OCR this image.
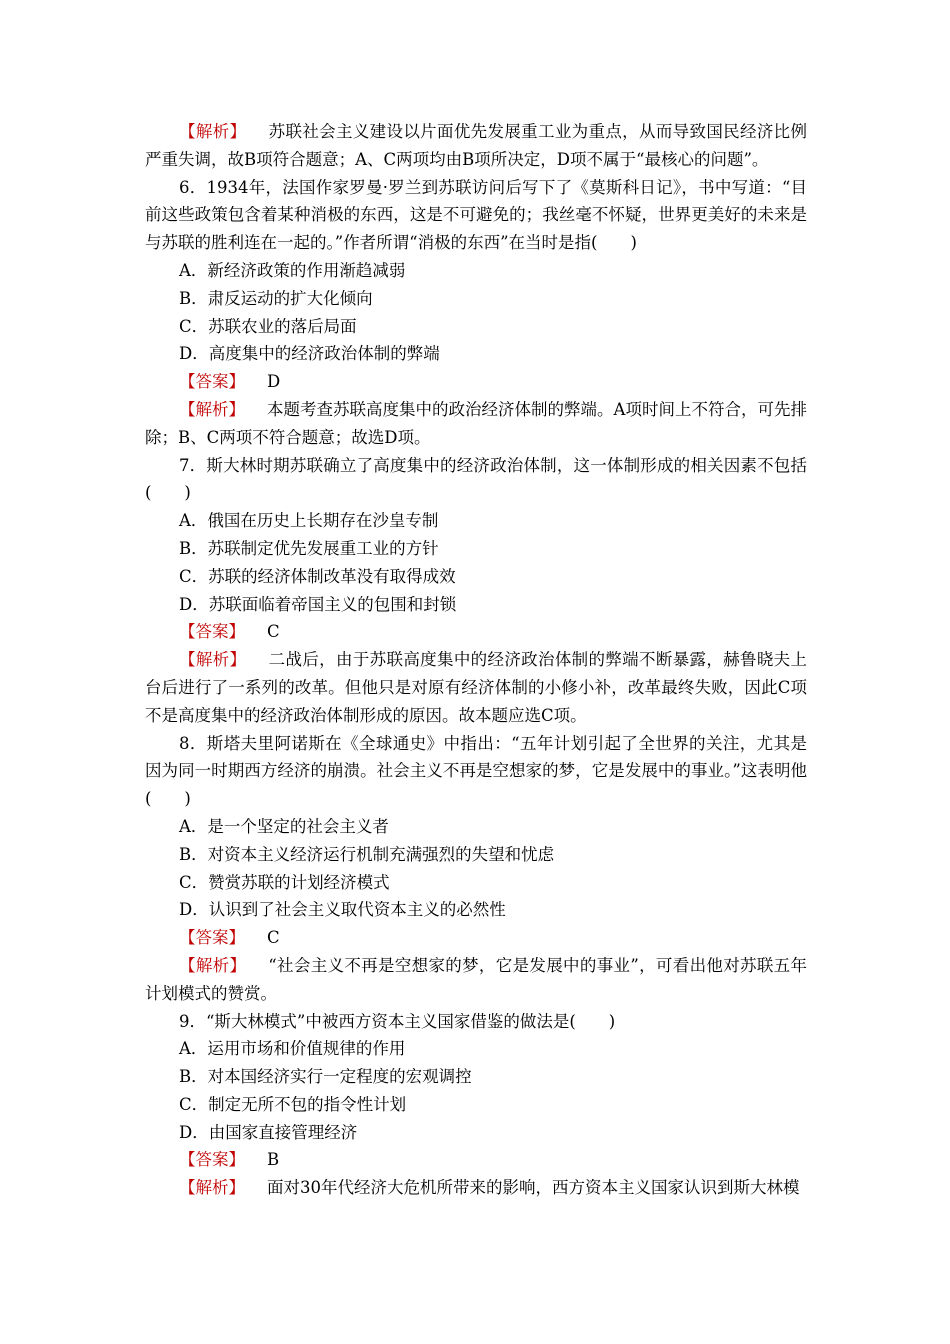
【解析】 苏联社会主义建设以片面优先发展重工业为重点，从而导致国民经济比例严重失调，故B项符合题意；A、C两项均由B项所决定，D项不属于“最核心的问题”。

6．1934年，法国作家罗曼·罗兰到苏联访问后写下了《莫斯科日记》，书中写道：“目前这些政策包含着某种消极的东西，这是不可避免的；我丝毫不怀疑，世界更美好的未来是与苏联的胜利连在一起的。”作者所谓“消极的东西”在当时是指(　　)

A．新经济政策的作用渐趋减弱

B．肃反运动的扩大化倾向

C．苏联农业的落后局面

D．高度集中的经济政治体制的弊端

【答案】 D

【解析】 本题考查苏联高度集中的政治经济体制的弊端。A项时间上不符合，可先排除；B、C两项不符合题意；故选D项。

7．斯大林时期苏联确立了高度集中的经济政治体制，这一体制形成的相关因素不包括(　　)

A．俄国在历史上长期存在沙皇专制

B．苏联制定优先发展重工业的方针

C．苏联的经济体制改革没有取得成效

D．苏联面临着帝国主义的包围和封锁

【答案】 C

【解析】 二战后，由于苏联高度集中的经济政治体制的弊端不断暴露，赫鲁晓夫上台后进行了一系列的改革。但他只是对原有经济体制的小修小补，改革最终失败，因此C项不是高度集中的经济政治体制形成的原因。故本题应选C项。

8．斯塔夫里阿诺斯在《全球通史》中指出：“五年计划引起了全世界的关注，尤其是因为同一时期西方经济的崩溃。社会主义不再是空想家的梦，它是发展中的事业。”这表明他(　　)

A．是一个坚定的社会主义者

B．对资本主义经济运行机制充满强烈的失望和忧虑

C．赞赏苏联的计划经济模式

D．认识到了社会主义取代资本主义的必然性

【答案】 C

【解析】 “社会主义不再是空想家的梦，它是发展中的事业”，可看出他对苏联五年计划模式的赞赏。

9．“斯大林模式”中被西方资本主义国家借鉴的做法是(　　)

A．运用市场和价值规律的作用

B．对本国经济实行一定程度的宏观调控

C．制定无所不包的指令性计划

D．由国家直接管理经济

【答案】 B

【解析】 面对30年代经济大危机所带来的影响，西方资本主义国家认识到斯大林模
